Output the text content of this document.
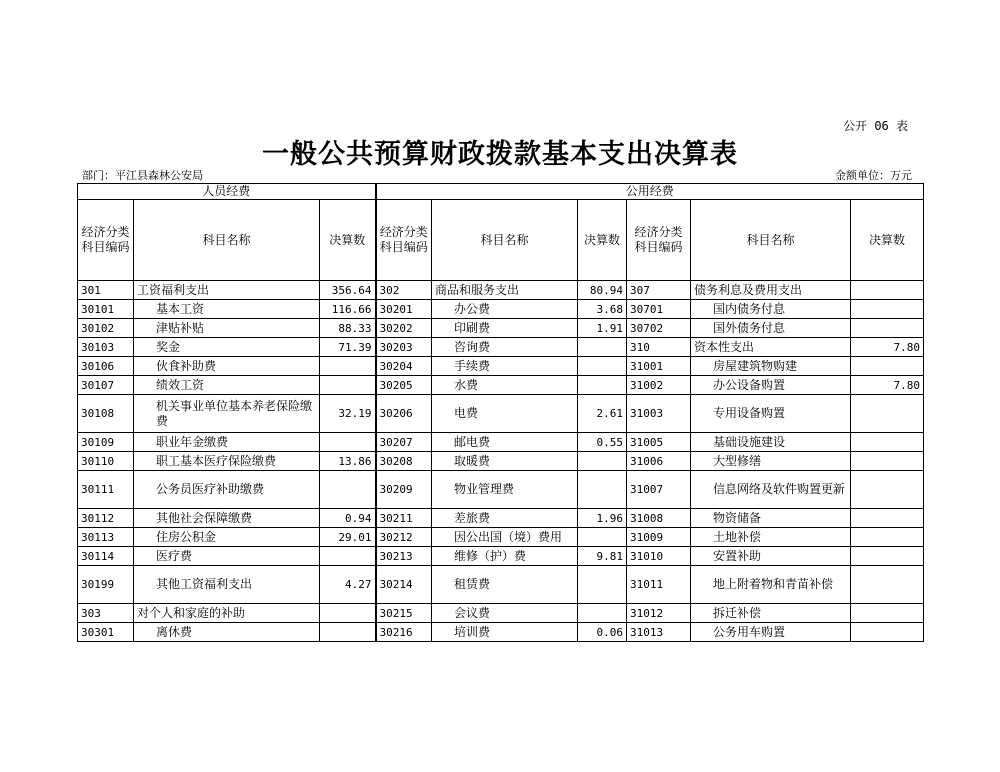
公开 06 表
一般公共预算财政拨款基本支出决算表
部门：平江县森林公安局	金额单位：万元
人员经费			公用经费					
经济分类科目编码	科目名称	决算数	经济分类科目编码	科目名称	决算数	经济分类科目编码	科目名称	决算数
301	工资福利支出	356.64	302	商品和服务支出	80.94	307	债务利息及费用支出	
30101	基本工资	116.66	30201	办公费	3.68	30701	国内债务付息	
30102	津贴补贴	88.33	30202	印刷费	1.91	30702	国外债务付息	
30103	奖金	71.39	30203	咨询费		310	资本性支出	7.80
30106	伙食补助费		30204	手续费		31001	房屋建筑物购建	
30107	绩效工资		30205	水费		31002	办公设备购置	7.80
30108	机关事业单位基本养老保险缴费	32.19	30206	电费	2.61	31003	专用设备购置	
30109	职业年金缴费		30207	邮电费	0.55	31005	基础设施建设	
30110	职工基本医疗保险缴费	13.86	30208	取暖费		31006	大型修缮	
30111	公务员医疗补助缴费		30209	物业管理费		31007	信息网络及软件购置更新	
30112	其他社会保障缴费	0.94	30211	差旅费	1.96	31008	物资储备	
30113	住房公积金	29.01	30212	因公出国（境）费用		31009	土地补偿	
30114	医疗费		30213	维修（护）费	9.81	31010	安置补助	
30199	其他工资福利支出	4.27	30214	租赁费		31011	地上附着物和青苗补偿	
303	对个人和家庭的补助		30215	会议费		31012	拆迁补偿	
30301	离休费		30216	培训费	0.06	31013	公务用车购置	
